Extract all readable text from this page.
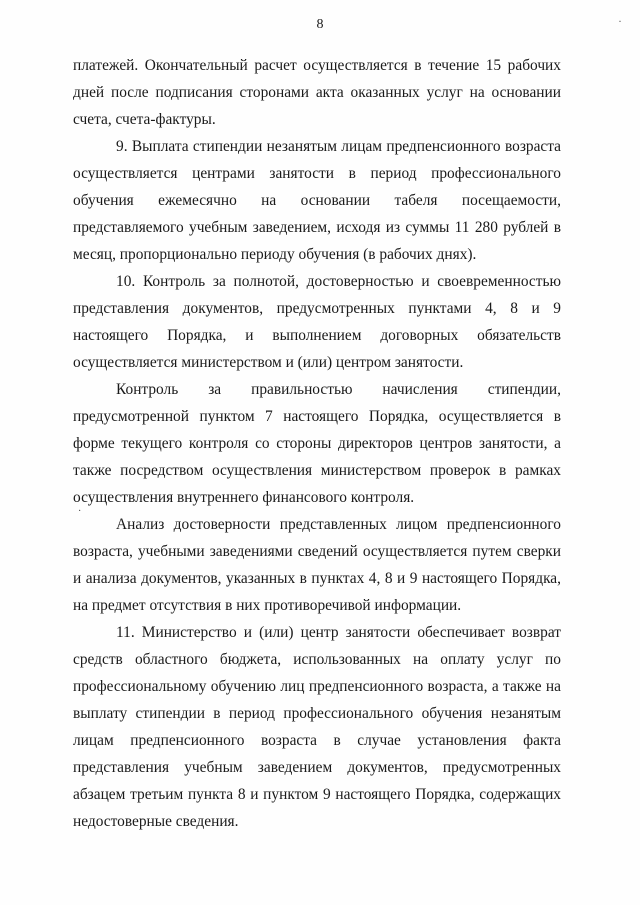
8	·
·

платежей. Окончательный расчет осуществляется в течение 15 рабочих дней после подписания сторонами акта оказанных услуг на основании счета, счета-фактуры.

9. Выплата стипендии незанятым лицам предпенсионного возраста осуществляется центрами занятости в период профессионального обучения ежемесячно на основании табеля посещаемости, представляемого учебным заведением, исходя из суммы 11 280 рублей в месяц, пропорционально периоду обучения (в рабочих днях).

10. Контроль за полнотой, достоверностью и своевременностью представления документов, предусмотренных пунктами 4, 8 и 9 настоящего Порядка, и выполнением договорных обязательств осуществляется министерством и (или) центром занятости.

Контроль за правильностью начисления стипендии, предусмотренной пунктом 7 настоящего Порядка, осуществляется в форме текущего контроля со стороны директоров центров занятости, а также посредством осуществления министерством проверок в рамках осуществления внутреннего финансового контроля.

Анализ достоверности представленных лицом предпенсионного возраста, учебными заведениями сведений осуществляется путем сверки и анализа документов, указанных в пунктах 4, 8 и 9 настоящего Порядка, на предмет отсутствия в них противоречивой информации.

11. Министерство и (или) центр занятости обеспечивает возврат средств областного бюджета, использованных на оплату услуг по профессиональному обучению лиц предпенсионного возраста, а также на выплату стипендии в период профессионального обучения незанятым лицам предпенсионного возраста в случае установления факта представления учебным заведением документов, предусмотренных абзацем третьим пункта 8 и пунктом 9 настоящего Порядка, содержащих недостоверные сведения.
